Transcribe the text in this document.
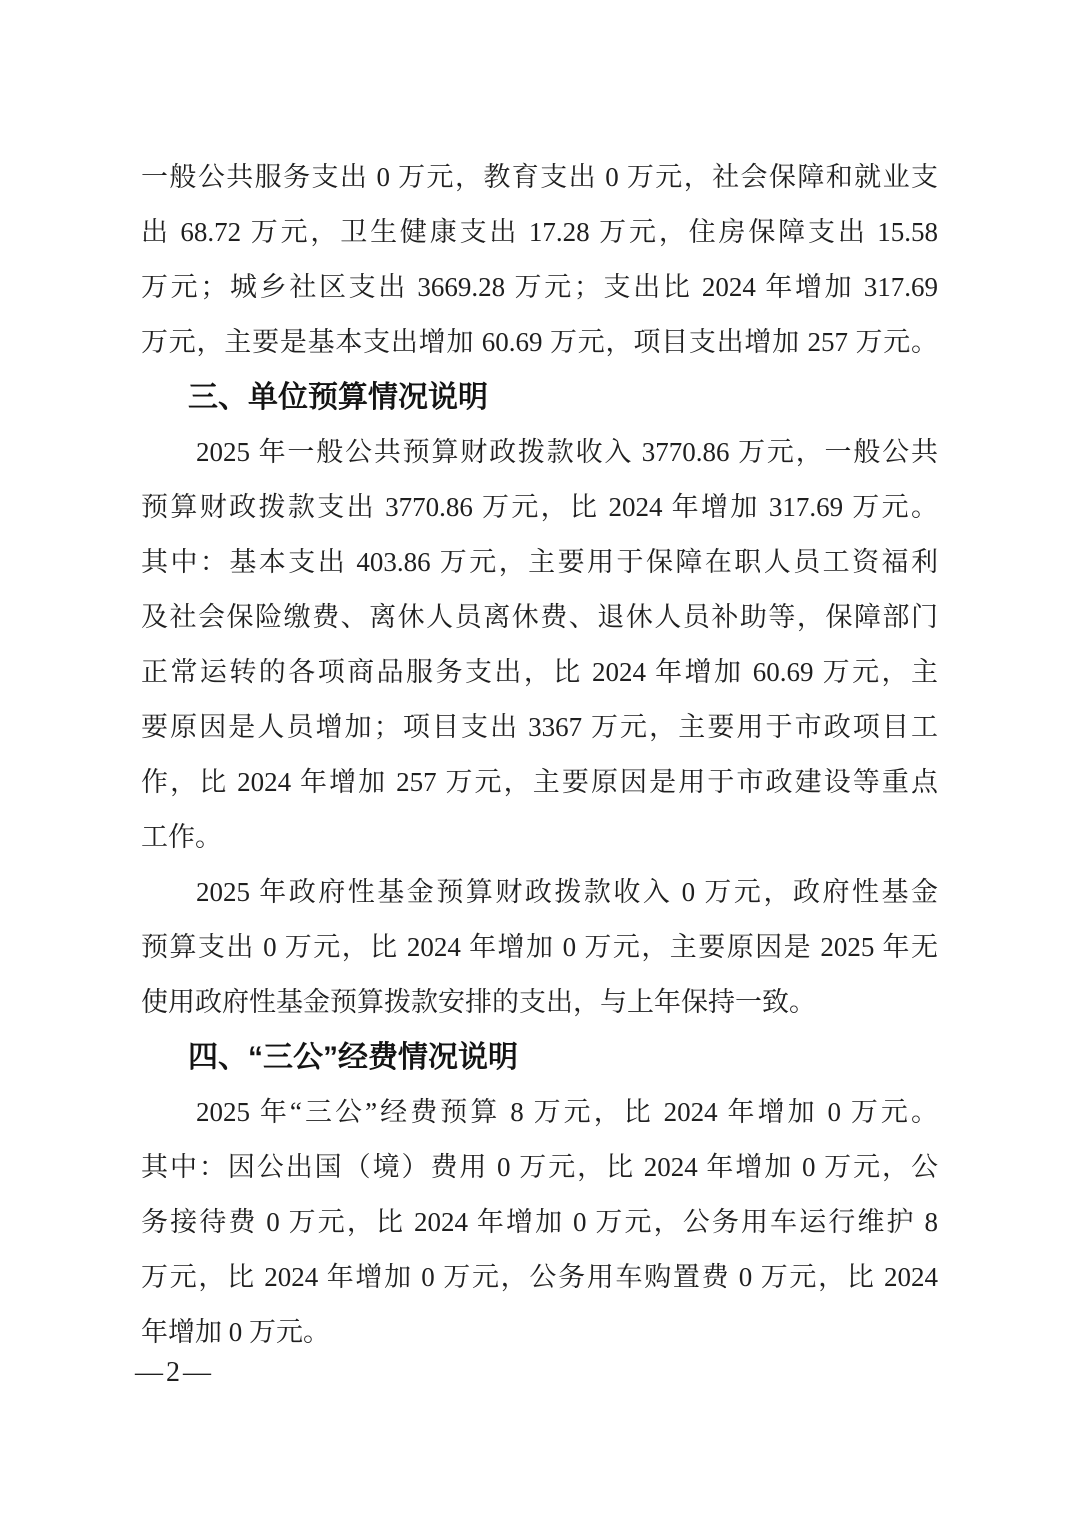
一般公共服务支出 0 万元，教育支出 0 万元，社会保障和就业支
出 68.72 万元，卫生健康支出 17.28 万元，住房保障支出 15.58
万元；城乡社区支出 3669.28 万元；支出比 2024 年增加 317.69
万元，主要是基本支出增加 60.69 万元，项目支出增加 257 万元。
三、单位预算情况说明
2025 年一般公共预算财政拨款收入 3770.86 万元，一般公共
预算财政拨款支出 3770.86 万元，比 2024 年增加 317.69 万元。
其中：基本支出 403.86 万元，主要用于保障在职人员工资福利
及社会保险缴费、离休人员离休费、退休人员补助等，保障部门
正常运转的各项商品服务支出，比 2024 年增加 60.69 万元，主
要原因是人员增加；项目支出 3367 万元，主要用于市政项目工
作，比 2024 年增加 257 万元，主要原因是用于市政建设等重点
工作。
2025 年政府性基金预算财政拨款收入 0 万元，政府性基金
预算支出 0 万元，比 2024 年增加 0 万元，主要原因是 2025 年无
使用政府性基金预算拨款安排的支出，与上年保持一致。
四、“三公”经费情况说明
2025 年“三公”经费预算 8 万元，比 2024 年增加 0 万元。
其中：因公出国（境）费用 0 万元，比 2024 年增加 0 万元，公
务接待费 0 万元，比 2024 年增加 0 万元，公务用车运行维护 8
万元，比 2024 年增加 0 万元，公务用车购置费 0 万元，比 2024
年增加 0 万元。
—2—
